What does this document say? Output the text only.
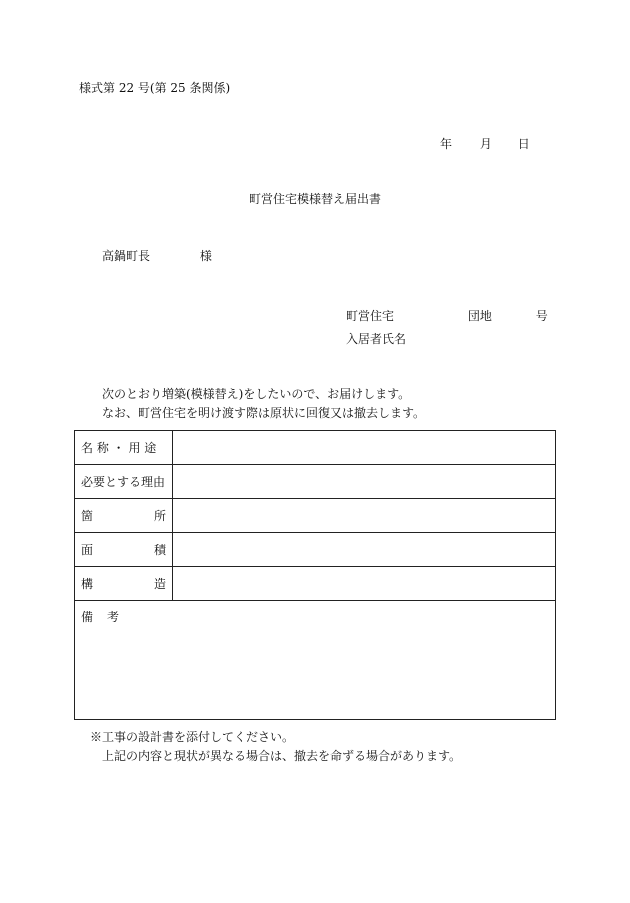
様式第 22 号(第 25 条関係)
年 月 日
町営住宅模様替え届出書
高鍋町長	様
町営住宅	団地	号
入居者氏名
次のとおり増築(模様替え)をしたいので、お届けします。
なお、町営住宅を明け渡す際は原状に回復又は撤去します。
名 称 ・ 用 途
必要とする理由
箇所
面積
構造
備考
※工事の設計書を添付してください。
上記の内容と現状が異なる場合は、撤去を命ずる場合があります。
